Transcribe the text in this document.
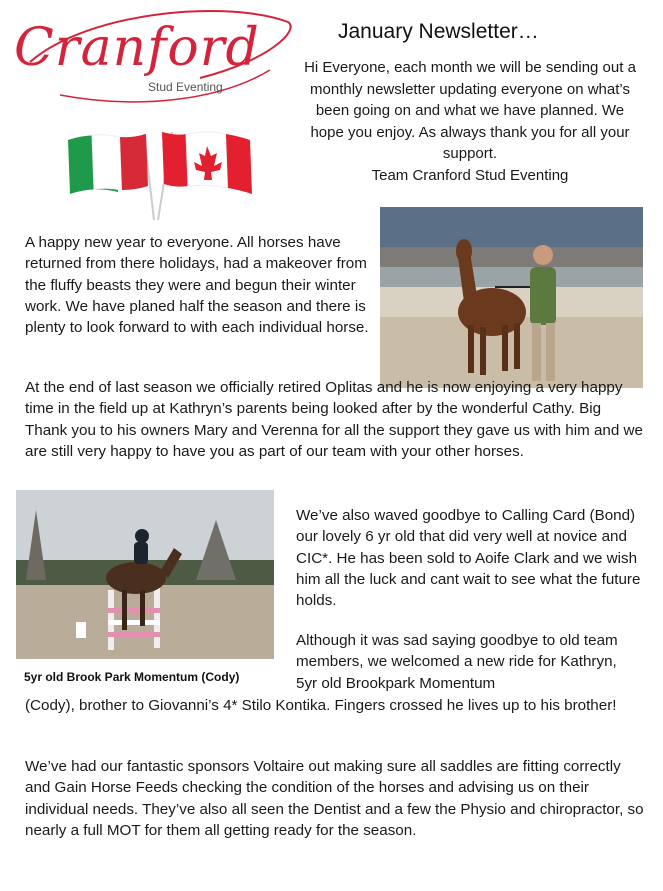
Cranford
Stud Eventing
January Newsletter…
Hi Everyone, each month we will be sending out a monthly newsletter updating everyone on what’s been going on and what we have planned. We hope you enjoy. As always thank you for all your support.
Team Cranford Stud Eventing
5yr old Brook Park Momentum (Cody)
A happy new year to everyone. All horses have returned from there holidays, had a makeover from the fluffy beasts they were and begun their winter work. We have planed half the season and there is plenty to look forward to with each individual horse.
At the end of last season we officially retired Oplitas and he is now enjoying a very happy time in the field up at Kathryn’s parents being looked after by the wonderful Cathy. Big Thank you to his owners Mary and Verenna for all the support they gave us with him and we are still very happy to have you as part of our team with your other horses.
We’ve also waved goodbye to Calling Card (Bond) our lovely 6 yr old that did very well at novice and CIC*. He has been sold to Aoife Clark and we wish him all the luck and cant wait to see what the future holds.
Although it was sad saying goodbye to old team members, we welcomed a new ride for Kathryn, 5yr old Brookpark Momentum
(Cody), brother to Giovanni’s 4* Stilo Kontika. Fingers crossed he lives up to his brother!
We’ve had our fantastic sponsors Voltaire out making sure all saddles are fitting correctly and Gain Horse Feeds checking the condition of the horses and advising us on their individual needs. They’ve also all seen the Dentist and a few the Physio and chiropractor, so nearly a full MOT for them all getting ready for the season.
